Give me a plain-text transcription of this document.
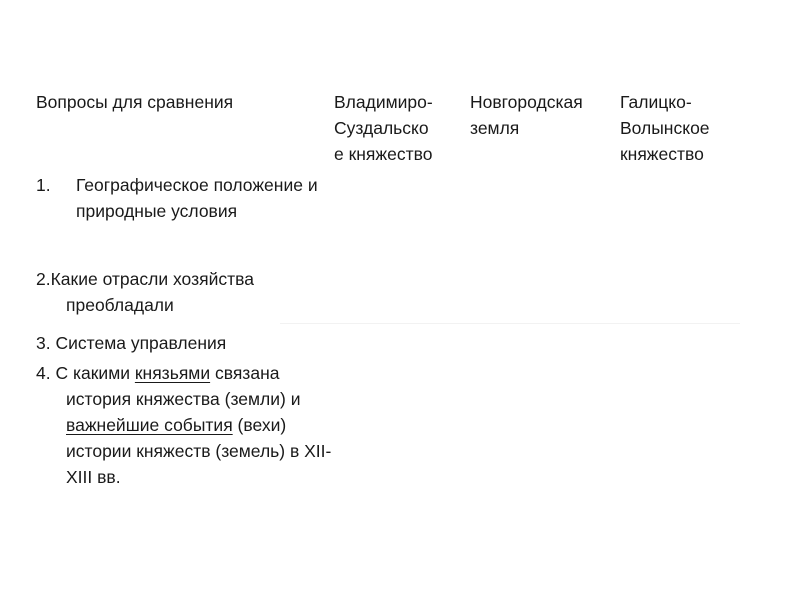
Вопросы для сравнения	Владимиро-
Суздальско
е княжество
Новгородская
земля
Галицко-
Волынское
княжество
1.	Географическое положение и природные условия
2.Какие отрасли хозяйства преобладали
3. Система управления
4. С какими князьями связана история княжества (земли) и важнейшие события (вехи) истории княжеств (земель) в XII-XIII вв.
